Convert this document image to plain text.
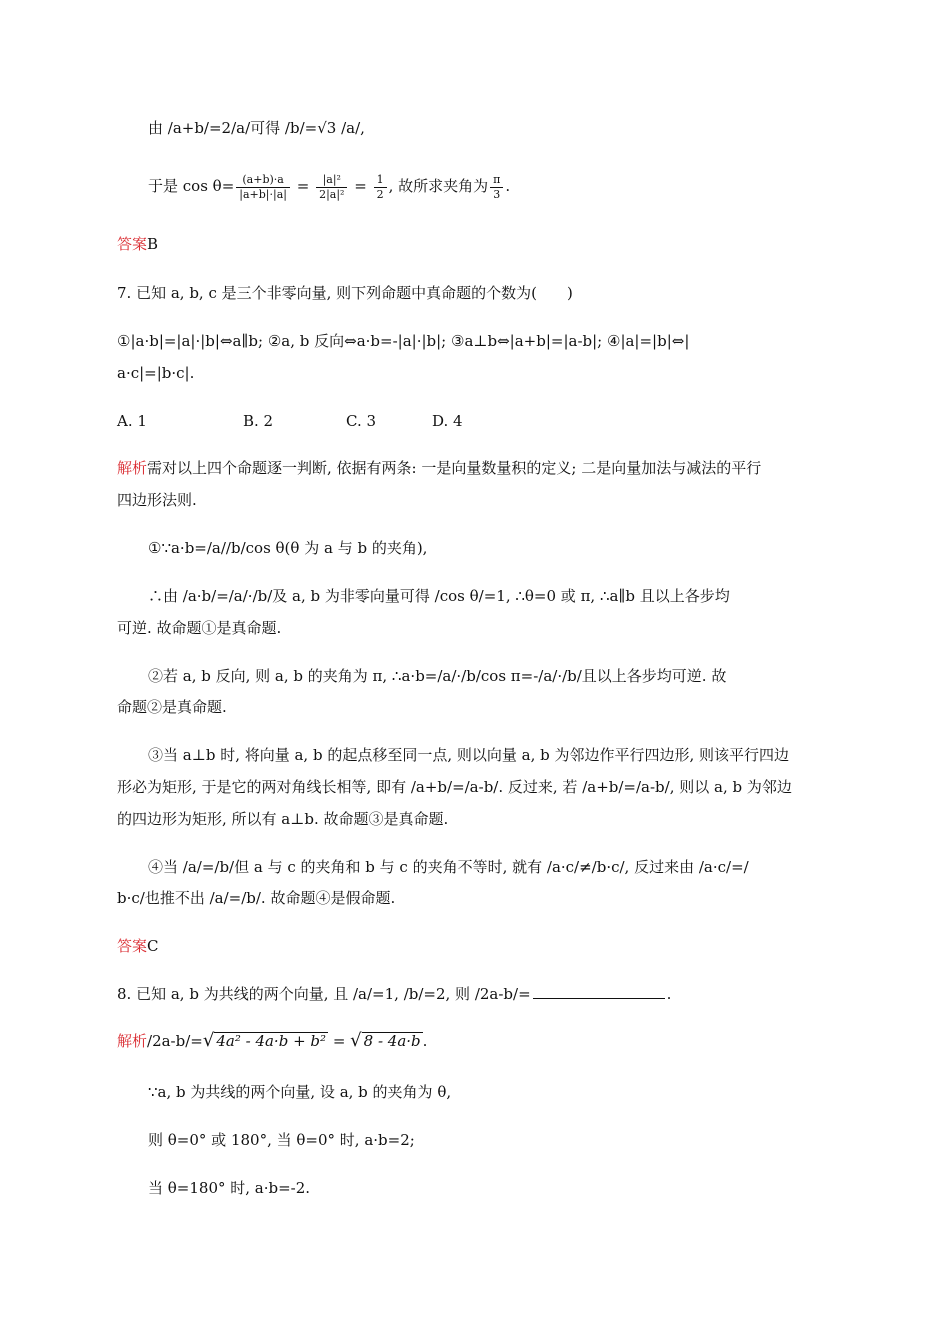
由 /a+b/=2/a/可得 /b/=√3 /a/,
于是 $\cos \theta= \frac{(a+b)\cdot a}{|a+b|\cdot|a|} = \frac{\text{|a|²}}{\text{2|a|²}} = \frac{1}{2}$ , 故所求夹角为 $\frac{\pi}{3}$ .
答案B
7. 已知 a, b, c 是三个非零向量, 则下列命题中真命题的个数为(　　)
①|a·b|=|a|·|b|⇔a∥b; ②a, b 反向⇔a·b=-|a|·|b|; ③a⊥b⇔|a+b|=|a-b|; ④|a|=|b|⇔|
a·c|=|b·c|.
A. 1	B. 2	C. 3	D. 4
解析需对以上四个命题逐一判断, 依据有两条: 一是向量数量积的定义; 二是向量加法与减法的平行
四边形法则.
①∵a·b=/a//b/cos θ(θ 为 a 与 b 的夹角),
∴由 /a·b/=/a/·/b/及 a, b 为非零向量可得 /cos θ/=1, ∴θ=0 或 π, ∴a∥b 且以上各步均
可逆. 故命题①是真命题.
②若 a, b 反向, 则 a, b 的夹角为 π, ∴a·b=/a/·/b/cos π=-/a/·/b/且以上各步均可逆. 故
命题②是真命题.
③当 a⊥b 时, 将向量 a, b 的起点移至同一点, 则以向量 a, b 为邻边作平行四边形, 则该平行四边
形必为矩形, 于是它的两对角线长相等, 即有 /a+b/=/a-b/. 反过来, 若 /a+b/=/a-b/, 则以 a, b 为邻边
的四边形为矩形, 所以有 a⊥b. 故命题③是真命题.
④当 /a/=/b/但 a 与 c 的夹角和 b 与 c 的夹角不等时, 就有 /a·c/≠/b·c/, 反过来由 /a·c/=/
b·c/也推不出 /a/=/b/. 故命题④是假命题.
答案C
8. 已知 a, b 为共线的两个向量, 且 /a/=1, /b/=2, 则 /2a-b/=	.
解析/2a-b/=√ 4a² - 4a·b + b² = √ 8 - 4a·b .
∵a, b 为共线的两个向量, 设 a, b 的夹角为 θ,
则 θ=0° 或 180°, 当 θ=0° 时, a·b=2;
当 θ=180° 时, a·b=-2.
